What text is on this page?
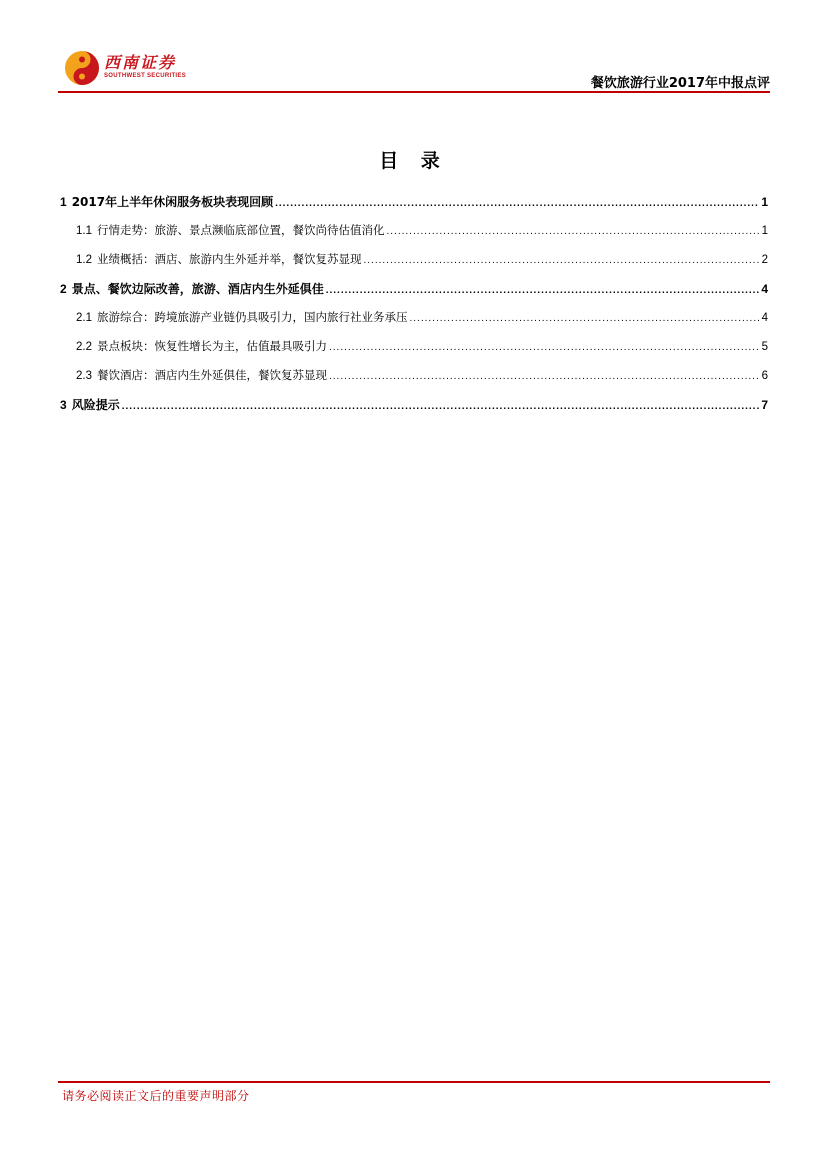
西南证券
SOUTHWEST SECURITIES	餐饮旅游行业2017年中报点评
目 录
1 2017年上半年休闲服务板块表现回顾 .....	1
1.1 行情走势：旅游、景点濒临底部位置，餐饮尚待估值消化 .....	1
1.2 业绩概括：酒店、旅游内生外延并举，餐饮复苏显现 .....	2
2 景点、餐饮边际改善，旅游、酒店内生外延俱佳 .....	4
2.1 旅游综合：跨境旅游产业链仍具吸引力，国内旅行社业务承压 .....	4
2.2 景点板块：恢复性增长为主，估值最具吸引力 .....	5
2.3 餐饮酒店：酒店内生外延俱佳，餐饮复苏显现 .....	6
3 风险提示 .....	7
请务必阅读正文后的重要声明部分
